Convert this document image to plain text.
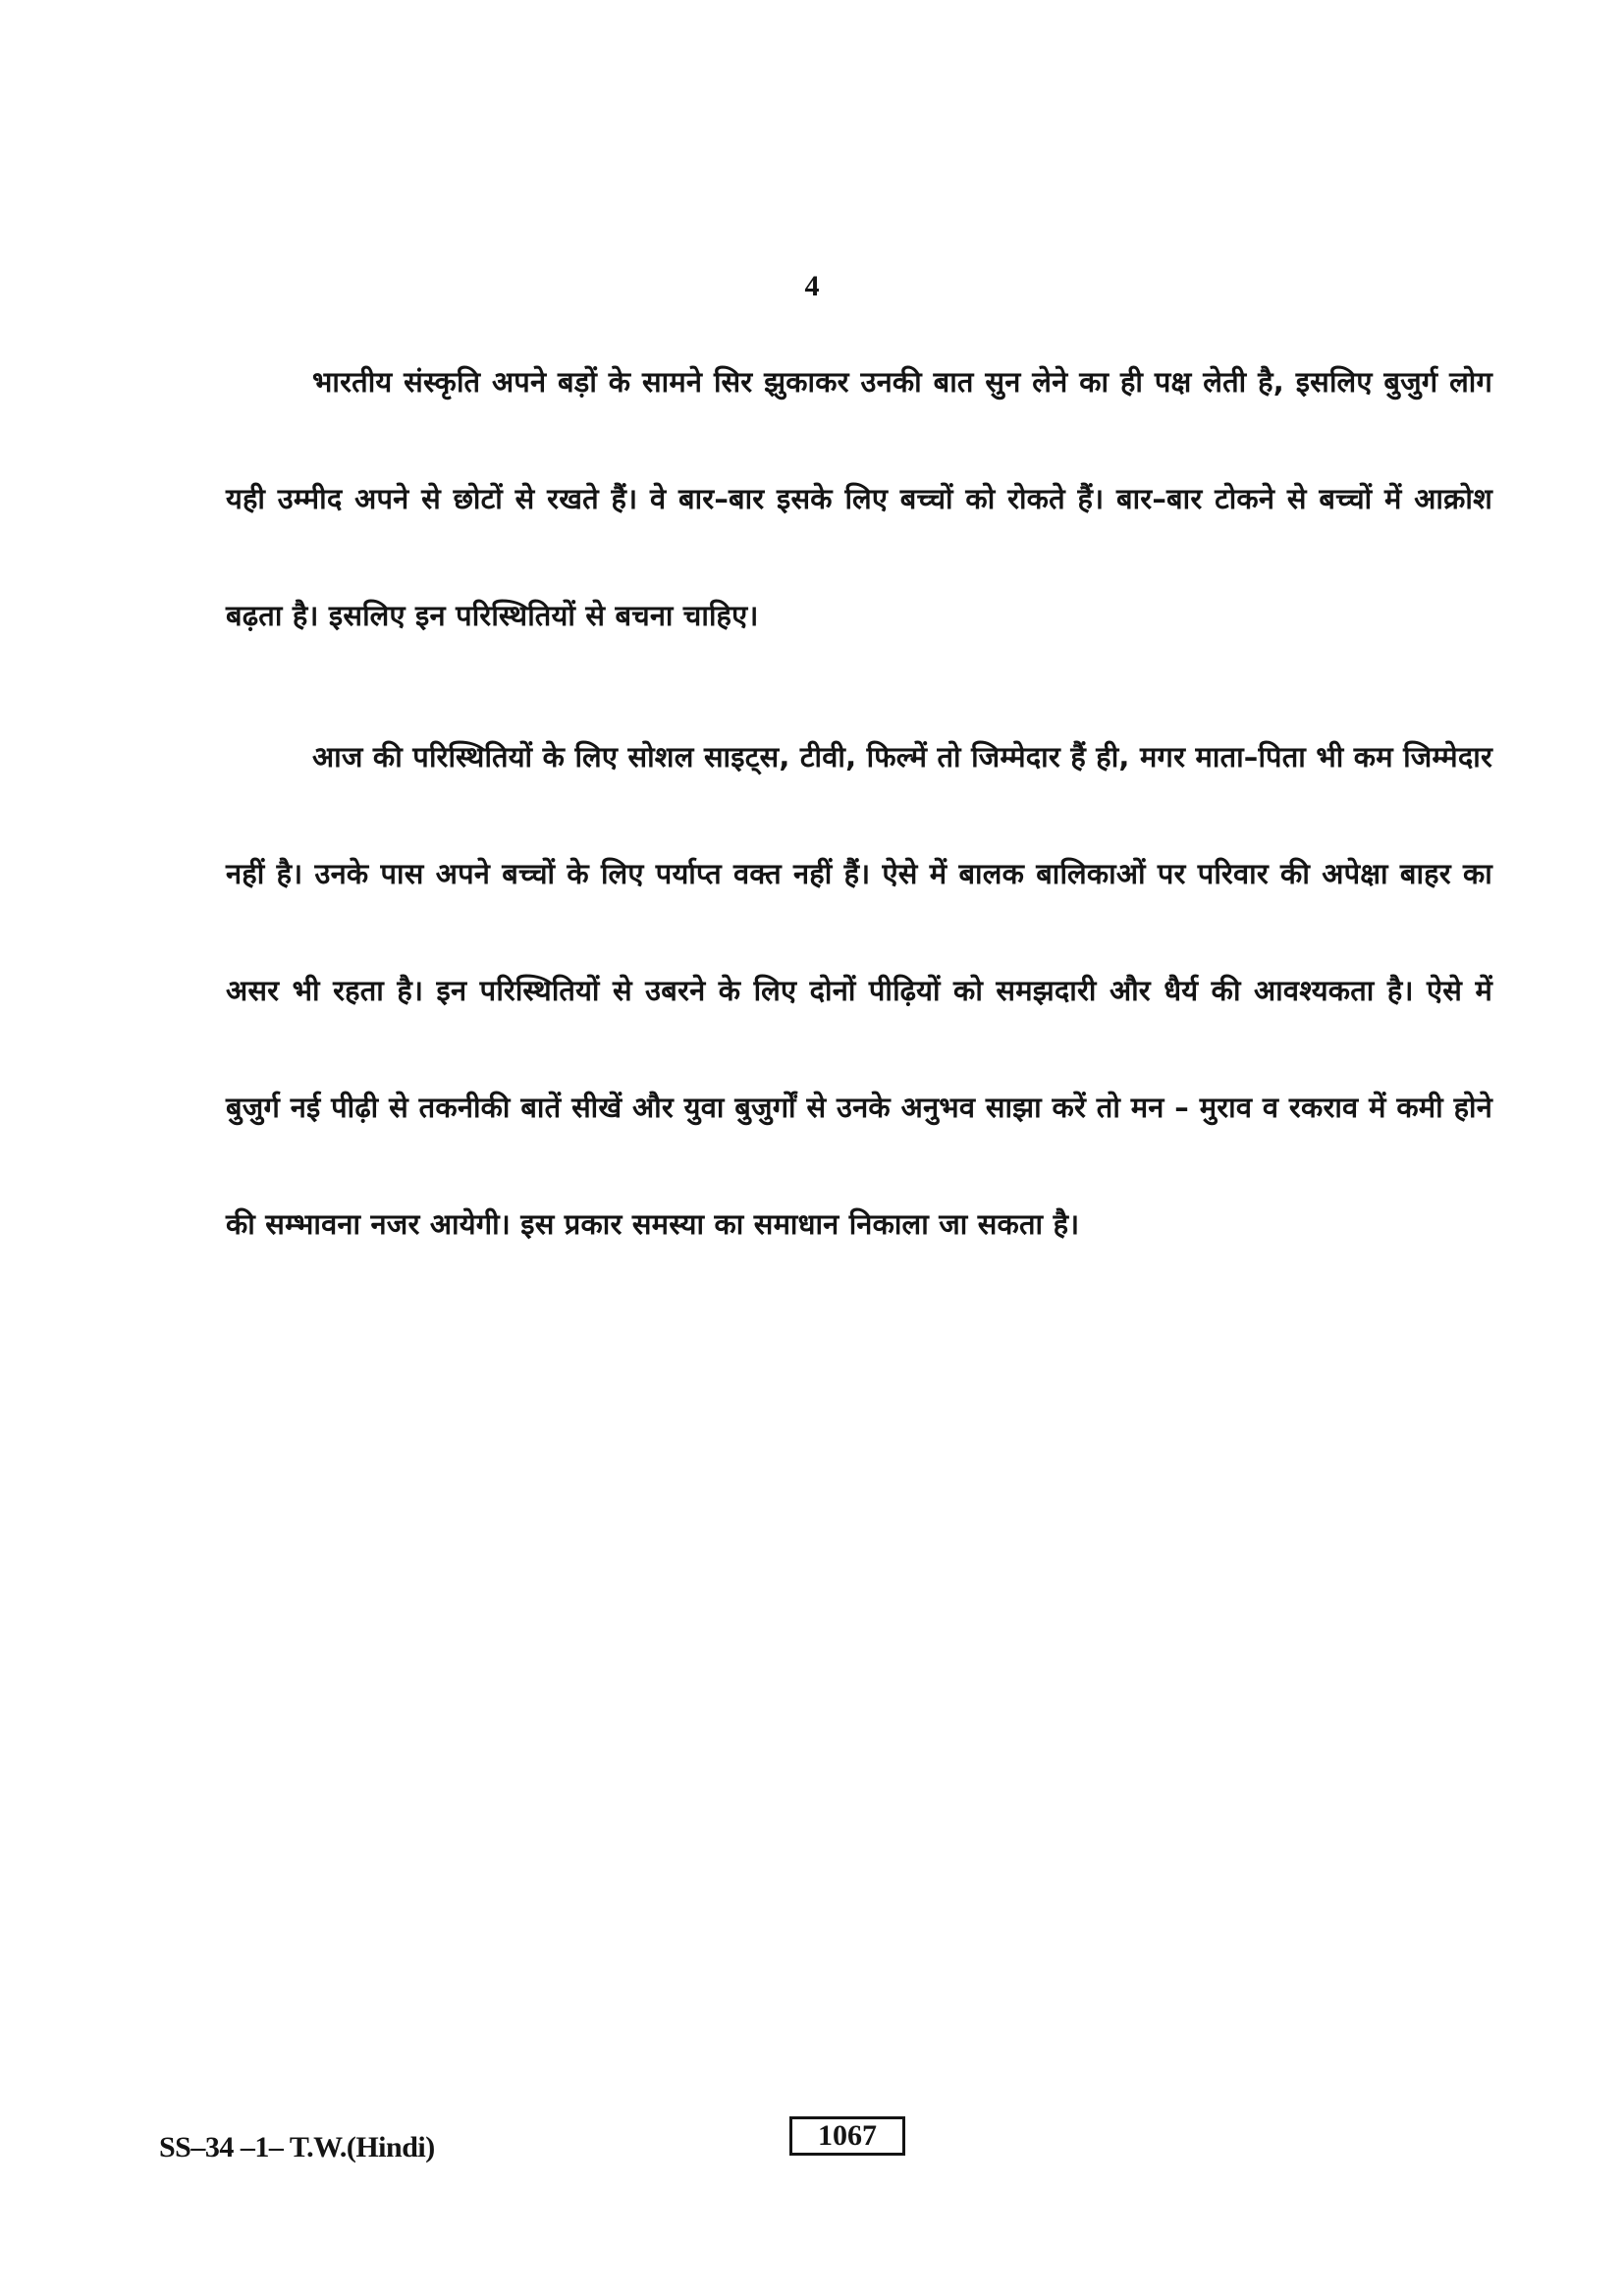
4

भारतीय संस्कृति अपने बड़ों के सामने सिर झुकाकर उनकी बात सुन लेने का ही पक्ष लेती है, इसलिए बुजुर्ग लोग यही उम्मीद अपने से छोटों से रखते हैं। वे बार–बार इसके लिए बच्चों को रोकते हैं। बार–बार टोकने से बच्चों में आक्रोश बढ़ता है। इसलिए इन परिस्थितियों से बचना चाहिए।

आज की परिस्थितियों के लिए सोशल साइट्स, टीवी, फिल्में तो जिम्मेदार हैं ही, मगर माता–पिता भी कम जिम्मेदार नहीं है। उनके पास अपने बच्चों के लिए पर्याप्त वक्त नहीं हैं। ऐसे में बालक बालिकाओं पर परिवार की अपेक्षा बाहर का असर भी रहता है। इन परिस्थितियों से उबरने के लिए दोनों पीढ़ियों को समझदारी और धैर्य की आवश्यकता है। ऐसे में बुजुर्ग नई पीढ़ी से तकनीकी बातें सीखें और युवा बुजुर्गों से उनके अनुभव साझा करें तो मन – मुराव व रकराव में कमी होने की सम्भावना नजर आयेगी। इस प्रकार समस्या का समाधान निकाला जा सकता है।

SS–34 –1– T.W.(Hindi)	1067
